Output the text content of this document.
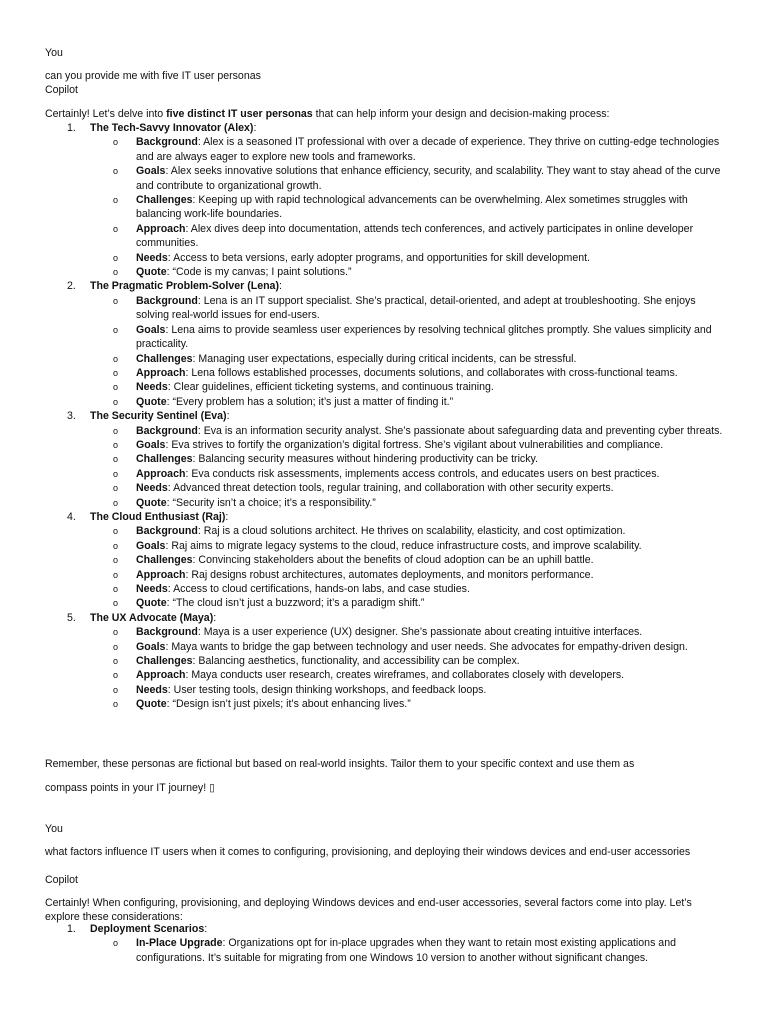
You

can you provide me with five IT user personas

Copilot

Certainly! Let’s delve into five distinct IT user personas that can help inform your design and decision-making process:

1.	The Tech-Savvy Innovator (Alex):
o Background: Alex is a seasoned IT professional with over a decade of experience. They thrive on cutting-edge technologies and are always eager to explore new tools and frameworks.
o Goals: Alex seeks innovative solutions that enhance efficiency, security, and scalability. They want to stay ahead of the curve and contribute to organizational growth.
o Challenges: Keeping up with rapid technological advancements can be overwhelming. Alex sometimes struggles with balancing work-life boundaries.
o Approach: Alex dives deep into documentation, attends tech conferences, and actively participates in online developer communities.
o Needs: Access to beta versions, early adopter programs, and opportunities for skill development.
o Quote: “Code is my canvas; I paint solutions.”
2.	The Pragmatic Problem-Solver (Lena):
o Background: Lena is an IT support specialist. She’s practical, detail-oriented, and adept at troubleshooting. She enjoys solving real-world issues for end-users.
o Goals: Lena aims to provide seamless user experiences by resolving technical glitches promptly. She values simplicity and practicality.
o Challenges: Managing user expectations, especially during critical incidents, can be stressful.
o Approach: Lena follows established processes, documents solutions, and collaborates with cross-functional teams.
o Needs: Clear guidelines, efficient ticketing systems, and continuous training.
o Quote: “Every problem has a solution; it’s just a matter of finding it.”
3.	The Security Sentinel (Eva):
o Background: Eva is an information security analyst. She’s passionate about safeguarding data and preventing cyber threats.
o Goals: Eva strives to fortify the organization’s digital fortress. She’s vigilant about vulnerabilities and compliance.
o Challenges: Balancing security measures without hindering productivity can be tricky.
o Approach: Eva conducts risk assessments, implements access controls, and educates users on best practices.
o Needs: Advanced threat detection tools, regular training, and collaboration with other security experts.
o Quote: “Security isn’t a choice; it’s a responsibility.”
4.	The Cloud Enthusiast (Raj):
o Background: Raj is a cloud solutions architect. He thrives on scalability, elasticity, and cost optimization.
o Goals: Raj aims to migrate legacy systems to the cloud, reduce infrastructure costs, and improve scalability.
o Challenges: Convincing stakeholders about the benefits of cloud adoption can be an uphill battle.
o Approach: Raj designs robust architectures, automates deployments, and monitors performance.
o Needs: Access to cloud certifications, hands-on labs, and case studies.
o Quote: “The cloud isn’t just a buzzword; it’s a paradigm shift.”
5.	The UX Advocate (Maya):
o Background: Maya is a user experience (UX) designer. She’s passionate about creating intuitive interfaces.
o Goals: Maya wants to bridge the gap between technology and user needs. She advocates for empathy-driven design.
o Challenges: Balancing aesthetics, functionality, and accessibility can be complex.
o Approach: Maya conducts user research, creates wireframes, and collaborates closely with developers.
o Needs: User testing tools, design thinking workshops, and feedback loops.
o Quote: “Design isn’t just pixels; it’s about enhancing lives.”

Remember, these personas are fictional but based on real-world insights. Tailor them to your specific context and use them as

compass points in your IT journey! ▯

You

what factors influence IT users when it comes to configuring, provisioning, and deploying their windows devices and end-user accessories

Copilot

Certainly! When configuring, provisioning, and deploying Windows devices and end-user accessories, several factors come into play. Let’s explore these considerations:

1.	Deployment Scenarios:
o In-Place Upgrade: Organizations opt for in-place upgrades when they want to retain most existing applications and configurations. It’s suitable for migrating from one Windows 10 version to another without significant changes.
